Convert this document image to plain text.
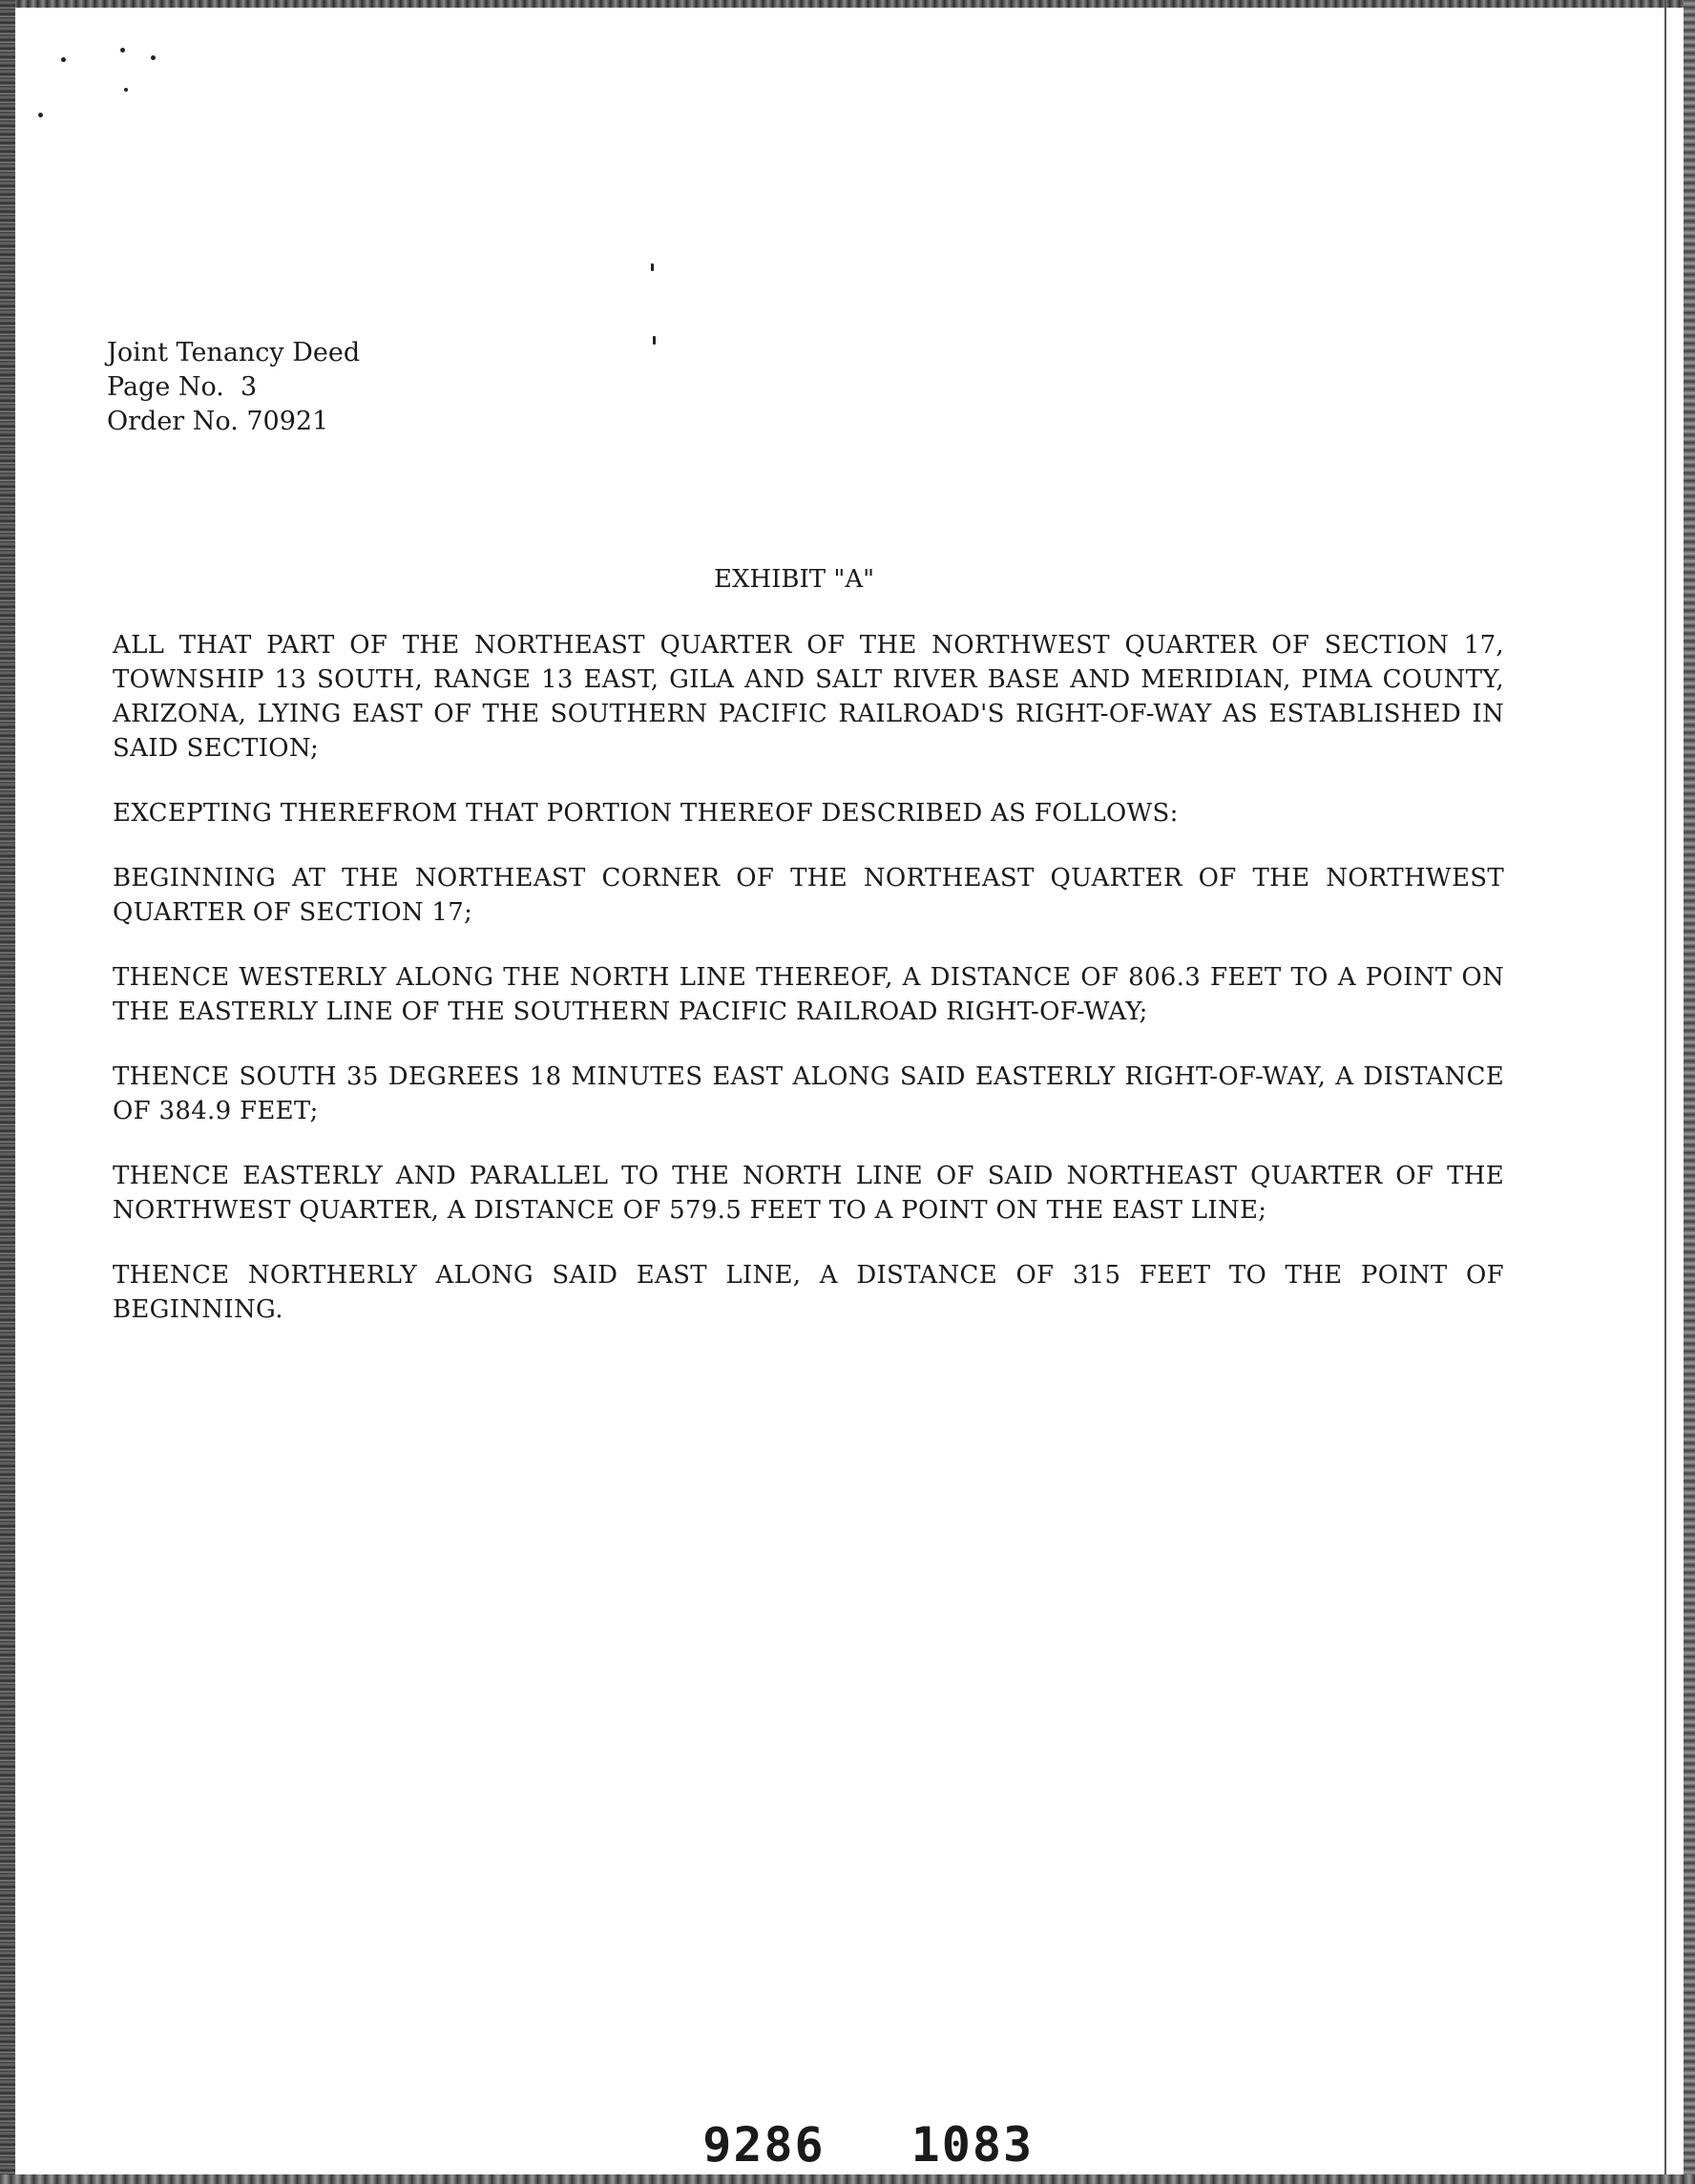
Joint Tenancy Deed
Page No.  3
Order No. 70921
EXHIBIT "A"

ALL THAT PART OF THE NORTHEAST QUARTER OF THE NORTHWEST QUARTER OF SECTION 17, TOWNSHIP 13 SOUTH, RANGE 13 EAST, GILA AND SALT RIVER BASE AND MERIDIAN, PIMA COUNTY, ARIZONA, LYING EAST OF THE SOUTHERN PACIFIC RAILROAD'S RIGHT-OF-WAY AS ESTABLISHED IN SAID SECTION;

EXCEPTING THEREFROM THAT PORTION THEREOF DESCRIBED AS FOLLOWS:

BEGINNING AT THE NORTHEAST CORNER OF THE NORTHEAST QUARTER OF THE NORTHWEST QUARTER OF SECTION 17;

THENCE WESTERLY ALONG THE NORTH LINE THEREOF, A DISTANCE OF 806.3 FEET TO A POINT ON THE EASTERLY LINE OF THE SOUTHERN PACIFIC RAILROAD RIGHT-OF-WAY;

THENCE SOUTH 35 DEGREES 18 MINUTES EAST ALONG SAID EASTERLY RIGHT-OF-WAY, A DISTANCE OF 384.9 FEET;

THENCE EASTERLY AND PARALLEL TO THE NORTH LINE OF SAID NORTHEAST QUARTER OF THE NORTHWEST QUARTER, A DISTANCE OF 579.5 FEET TO A POINT ON THE EAST LINE;

THENCE NORTHERLY ALONG SAID EAST LINE, A DISTANCE OF 315 FEET TO THE POINT OF BEGINNING.

9286 1083
